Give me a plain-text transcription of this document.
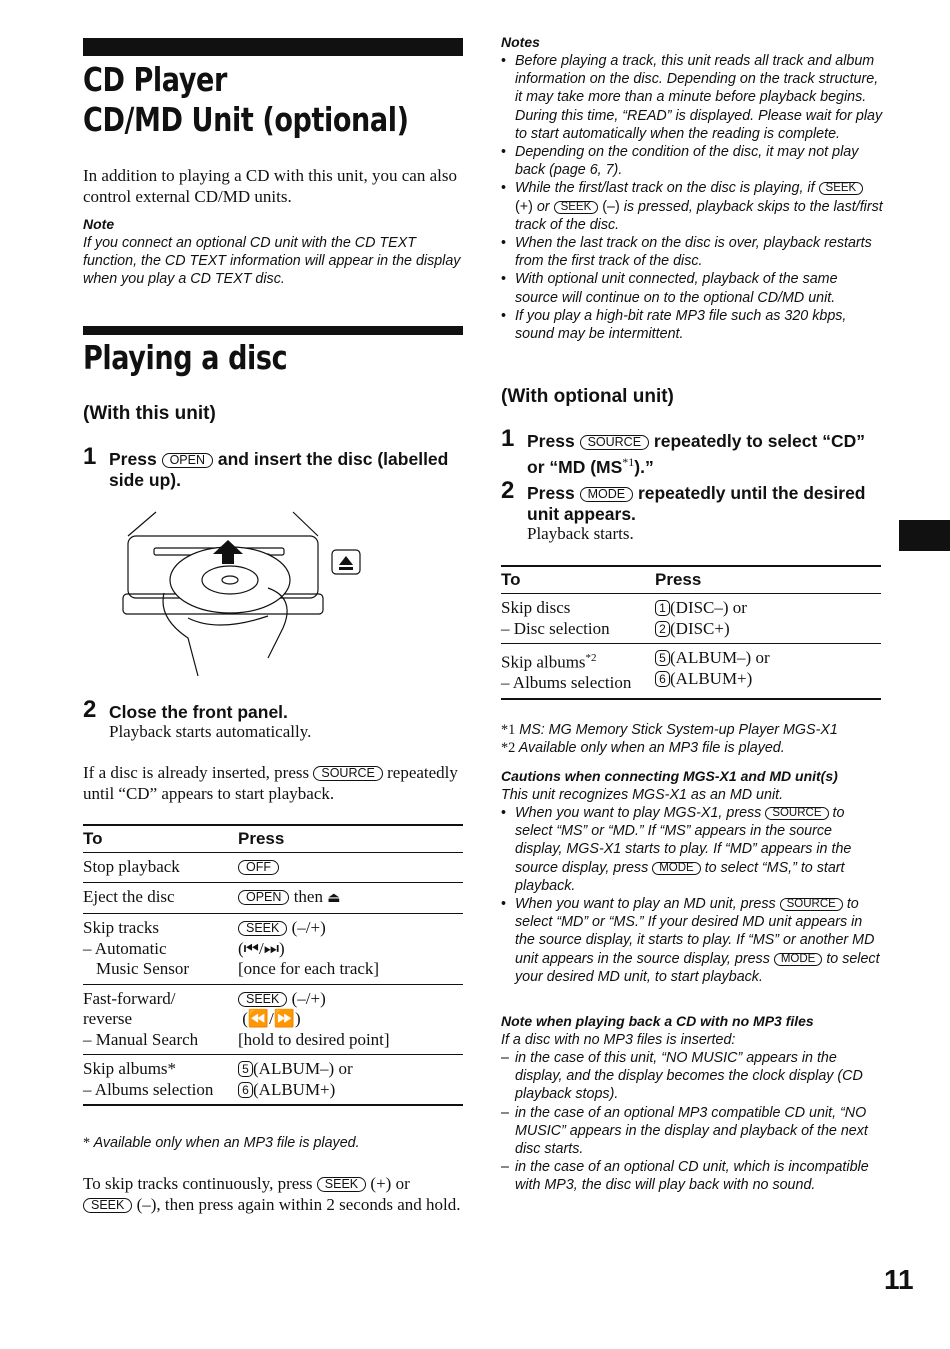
CD Player
CD/MD Unit (optional)
In addition to playing a CD with this unit, you can also control external CD/MD units.
Note
If you connect an optional CD unit with the CD TEXT function, the CD TEXT information will appear in the display when you play a CD TEXT disc.
Playing a disc
(With this unit)
1 Press OPEN and insert the disc (labelled side up).
2 Close the front panel.
Playback starts automatically.
If a disc is already inserted, press SOURCE repeatedly until “CD” appears to start playback.
To	Press
Stop playback	OFF
Eject the disc	OPEN then ⏏
Skip tracks
– Automatic
Music Sensor	SEEK (–/+)
(⏮/⏭)
[once for each track]
Fast-forward/
reverse
– Manual Search	SEEK (–/+)
(⏪/⏩)
[hold to desired point]
Skip albums*
– Albums selection	5 (ALBUM–) or
6 (ALBUM+)
* Available only when an MP3 file is played.
To skip tracks continuously, press SEEK (+) or SEEK (–), then press again within 2 seconds and hold.
Notes
• Before playing a track, this unit reads all track and album information on the disc. Depending on the track structure, it may take more than a minute before playback begins. During this time, “READ” is displayed. Please wait for play to start automatically when the reading is complete.
• Depending on the condition of the disc, it may not play back (page 6, 7).
• While the first/last track on the disc is playing, if SEEK (+) or SEEK (–) is pressed, playback skips to the last/first track of the disc.
• When the last track on the disc is over, playback restarts from the first track of the disc.
• With optional unit connected, playback of the same source will continue on to the optional CD/MD unit.
• If you play a high-bit rate MP3 file such as 320 kbps, sound may be intermittent.
(With optional unit)
1 Press SOURCE repeatedly to select “CD” or “MD (MS$^{*1}$).”
2 Press MODE repeatedly until the desired unit appears.
Playback starts.
To	Press
Skip discs
– Disc selection	1 (DISC–) or
2 (DISC+)
Skip albums$^{*2}$
– Albums selection	5 (ALBUM–) or
6 (ALBUM+)
*1 MS: MG Memory Stick System-up Player MGS-X1
*2 Available only when an MP3 file is played.
Cautions when connecting MGS-X1 and MD unit(s)
This unit recognizes MGS-X1 as an MD unit.
• When you want to play MGS-X1, press SOURCE to select “MS” or “MD.” If “MS” appears in the source display, MGS-X1 starts to play. If “MD” appears in the source display, press MODE to select “MS,” to start playback.
• When you want to play an MD unit, press SOURCE to select “MD” or “MS.” If your desired MD unit appears in the source display, it starts to play. If “MS” or another MD unit appears in the source display, press MODE to select your desired MD unit, to start playback.
Note when playing back a CD with no MP3 files
If a disc with no MP3 files is inserted:
– in the case of this unit, “NO MUSIC” appears in the display, and the display becomes the clock display (CD playback stops).
– in the case of an optional MP3 compatible CD unit, “NO MUSIC” appears in the display and playback of the next disc starts.
– in the case of an optional CD unit, which is incompatible with MP3, the disc will play back with no sound.
11
